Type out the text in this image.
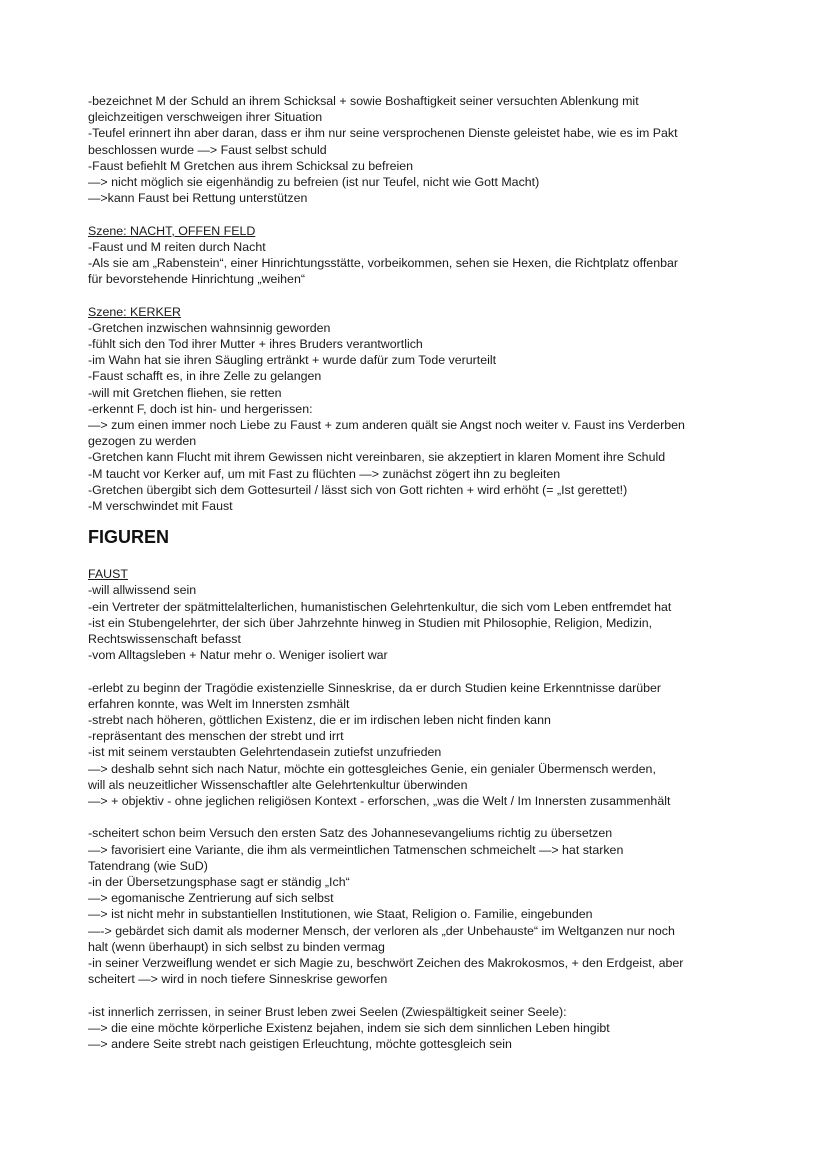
-bezeichnet M der Schuld an ihrem Schicksal + sowie Boshaftigkeit seiner versuchten Ablenkung mit
gleichzeitigen verschweigen ihrer Situation
-Teufel erinnert ihn aber daran, dass er ihm nur seine versprochenen Dienste geleistet habe, wie es im Pakt
beschlossen wurde —> Faust selbst schuld
-Faust befiehlt M Gretchen aus ihrem Schicksal zu befreien
—> nicht möglich sie eigenhändig zu befreien (ist nur Teufel, nicht wie Gott Macht)
—>kann Faust bei Rettung unterstützen
Szene: NACHT, OFFEN FELD
-Faust und M reiten durch Nacht
-Als sie am „Rabenstein“, einer Hinrichtungsstätte, vorbeikommen, sehen sie Hexen, die Richtplatz offenbar
für bevorstehende Hinrichtung „weihen“
Szene: KERKER
-Gretchen inzwischen wahnsinnig geworden
-fühlt sich den Tod ihrer Mutter + ihres Bruders verantwortlich
-im Wahn hat sie ihren Säugling ertränkt + wurde dafür zum Tode verurteilt
-Faust schafft es, in ihre Zelle zu gelangen
-will mit Gretchen fliehen, sie retten
-erkennt F, doch ist hin- und hergerissen:
—> zum einen immer noch Liebe zu Faust + zum anderen quält sie Angst noch weiter v. Faust ins Verderben
gezogen zu werden
-Gretchen kann Flucht mit ihrem Gewissen nicht vereinbaren, sie akzeptiert in klaren Moment ihre Schuld
-M taucht vor Kerker auf, um mit Fast zu flüchten —> zunächst zögert ihn zu begleiten
-Gretchen übergibt sich dem Gottesurteil / lässt sich von Gott richten + wird erhöht (= „Ist gerettet!)
-M verschwindet mit Faust
FIGUREN
FAUST
-will allwissend sein
-ein Vertreter der spätmittelalterlichen, humanistischen Gelehrtenkultur, die sich vom Leben entfremdet hat
-ist ein Stubengelehrter, der sich über Jahrzehnte hinweg in Studien mit Philosophie, Religion, Medizin,
Rechtswissenschaft befasst
-vom Alltagsleben + Natur mehr o. Weniger isoliert war
-erlebt zu beginn der Tragödie existenzielle Sinneskrise, da er durch Studien keine Erkenntnisse darüber
erfahren konnte, was Welt im Innersten zsmhält
-strebt nach höheren, göttlichen Existenz, die er im irdischen leben nicht finden kann
-repräsentant des menschen der strebt und irrt
-ist mit seinem verstaubten Gelehrtendasein zutiefst unzufrieden
—> deshalb sehnt sich nach Natur, möchte ein gottesgleiches Genie, ein genialer Übermensch werden,
will als neuzeitlicher Wissenschaftler alte Gelehrtenkultur überwinden
—> + objektiv - ohne jeglichen religiösen Kontext - erforschen, „was die Welt / Im Innersten zusammenhält
-scheitert schon beim Versuch den ersten Satz des Johannesevangeliums richtig zu übersetzen
—> favorisiert eine Variante, die ihm als vermeintlichen Tatmenschen schmeichelt —> hat starken
Tatendrang (wie SuD)
-in der Übersetzungsphase sagt er ständig „Ich“
—> egomanische Zentrierung auf sich selbst
—> ist nicht mehr in substantiellen Institutionen, wie Staat, Religion o. Familie, eingebunden
—-> gebärdet sich damit als moderner Mensch, der verloren als „der Unbehauste“ im Weltganzen nur noch
halt (wenn überhaupt) in sich selbst zu binden vermag
-in seiner Verzweiflung wendet er sich Magie zu, beschwört Zeichen des Makrokosmos, + den Erdgeist, aber
scheitert —> wird in noch tiefere Sinneskrise geworfen
-ist innerlich zerrissen, in seiner Brust leben zwei Seelen (Zwiespältigkeit seiner Seele):
—> die eine möchte körperliche Existenz bejahen, indem sie sich dem sinnlichen Leben hingibt
—> andere Seite strebt nach geistigen Erleuchtung, möchte gottesgleich sein
